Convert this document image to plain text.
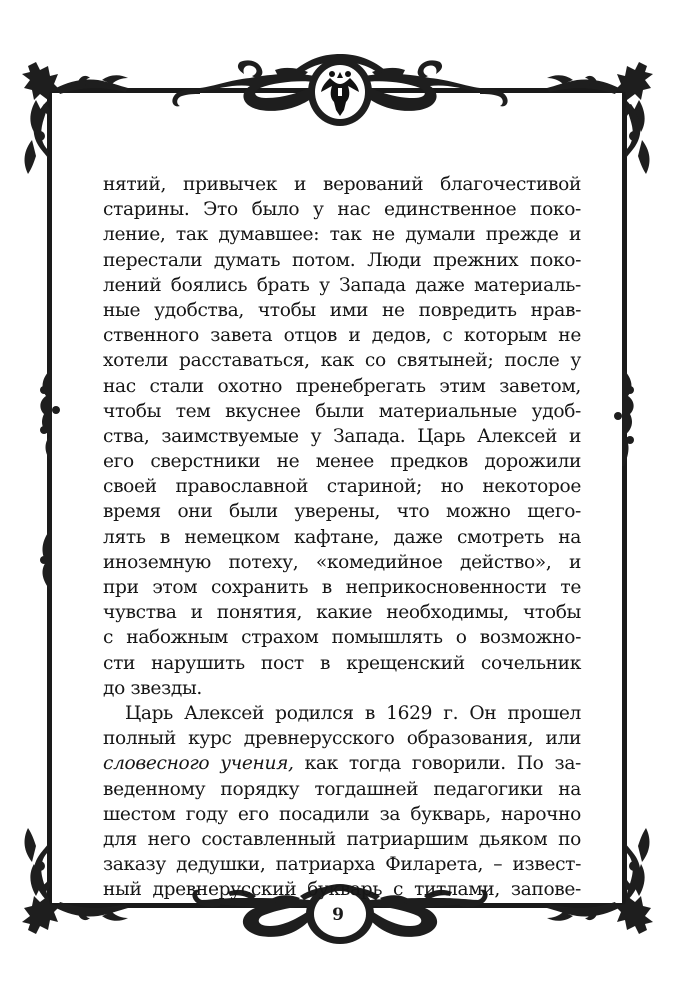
9
нятий, привычек и верований благочестивой
старины. Это было у нас единственное поко-
ление, так думавшее: так не думали прежде и
перестали думать потом. Люди прежних поко-
лений боялись брать у Запада даже материаль-
ные удобства, чтобы ими не повредить нрав-
ственного завета отцов и дедов, с которым не
хотели расставаться, как со святыней; после у
нас стали охотно пренебрегать этим заветом,
чтобы тем вкуснее были материальные удоб-
ства, заимствуемые у Запада. Царь Алексей и
его сверстники не менее предков дорожили
своей православной стариной; но некоторое
время они были уверены, что можно щего-
лять в немецком кафтане, даже смотреть на
иноземную потеху, «комедийное действо», и
при этом сохранить в неприкосновенности те
чувства и понятия, какие необходимы, чтобы
с набожным страхом помышлять о возможно-
сти нарушить пост в крещенский сочельник
до звезды.
Царь Алексей родился в 1629 г. Он прошел
полный курс древнерусского образования, или
словесного учения, как тогда говорили. По за-
веденному порядку тогдашней педагогики на
шестом году его посадили за букварь, нарочно
для него составленный патриаршим дьяком по
заказу дедушки, патриарха Филарета, – извест-
ный древнерусский букварь с титлами, запове-
